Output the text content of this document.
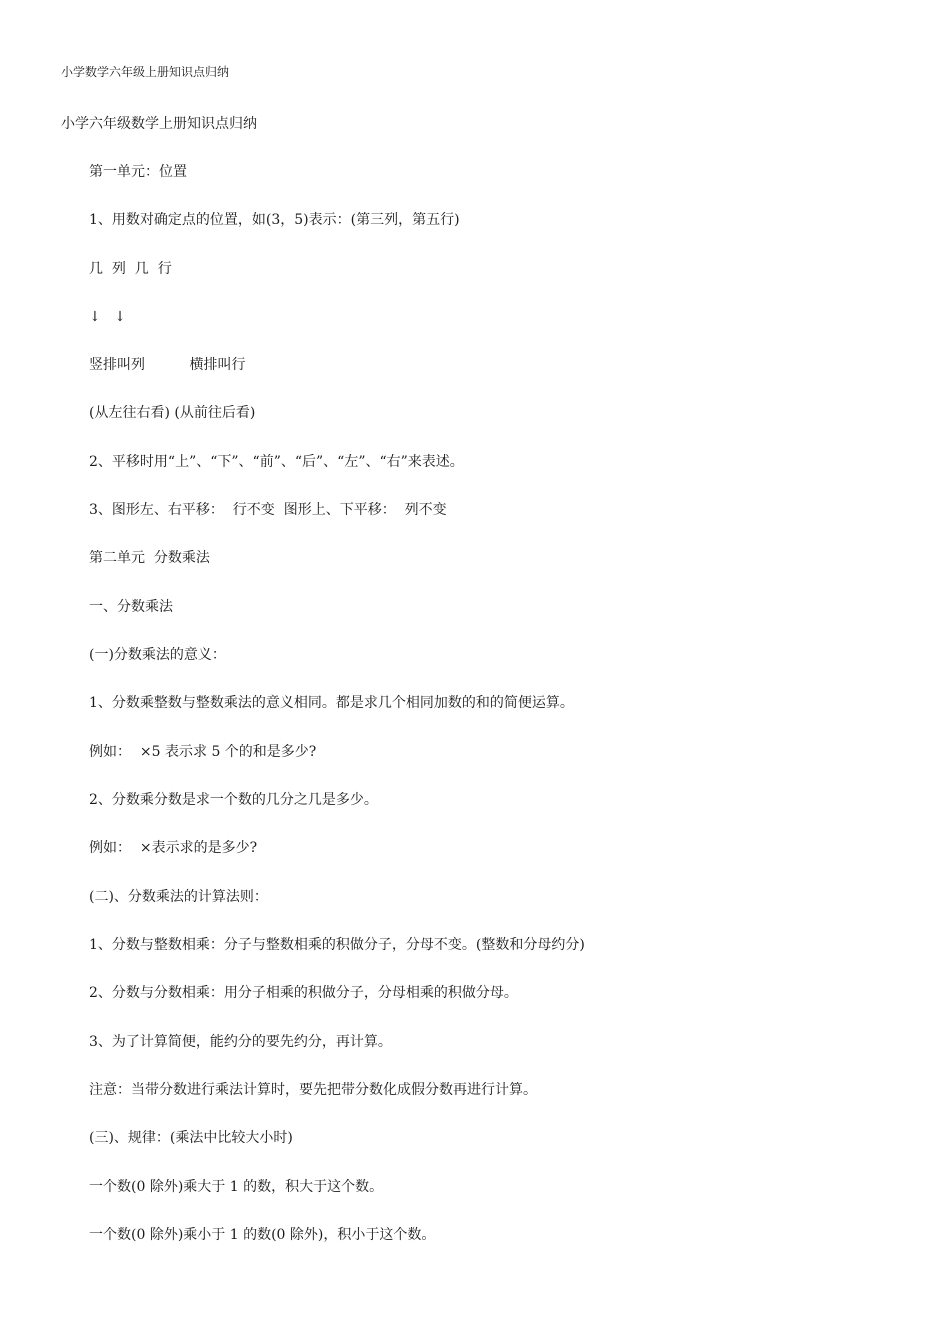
小学数学六年级上册知识点归纳
小学六年级数学上册知识点归纳
第一单元：位置
1、用数对确定点的位置，如(3，5)表示：(第三列，第五行)
几  列  几  行
↓   ↓
竖排叫列          横排叫行
(从左往右看) (从前往后看)
2、平移时用“上”、“下”、“前”、“后”、“左”、“右”来表述。
3、图形左、右平移：  行不变  图形上、下平移：  列不变
第二单元  分数乘法
一、分数乘法
(一)分数乘法的意义：
1、分数乘整数与整数乘法的意义相同。都是求几个相同加数的和的简便运算。
例如：  ×5 表示求 5 个的和是多少?
2、分数乘分数是求一个数的几分之几是多少。
例如：  ×表示求的是多少?
(二)、分数乘法的计算法则：
1、分数与整数相乘：分子与整数相乘的积做分子，分母不变。(整数和分母约分)
2、分数与分数相乘：用分子相乘的积做分子，分母相乘的积做分母。
3、为了计算简便，能约分的要先约分，再计算。
注意：当带分数进行乘法计算时，要先把带分数化成假分数再进行计算。
(三)、规律：(乘法中比较大小时)
一个数(0 除外)乘大于 1 的数，积大于这个数。
一个数(0 除外)乘小于 1 的数(0 除外)，积小于这个数。
